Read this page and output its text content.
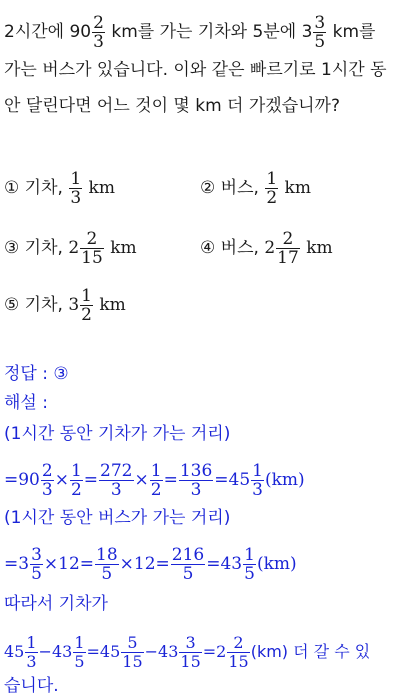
2시간에 $90 \frac{2}{3}$ km를 가는 기차와 5분에 $3 \frac{3}{5}$ km를
가는 버스가 있습니다. 이와 같은 빠르기로 1시간 동
안 달린다면 어느 것이 몇 km 더 가겠습니까?
① 기차, $\frac{1}{3}$ km	② 버스, $\frac{1}{2}$ km
③ 기차, $2 \frac{2}{15}$ km	④ 버스, $2 \frac{2}{17}$ km
⑤ 기차, $3 \frac{1}{2}$ km
정답 : ③
해설 :
(1시간 동안 기차가 가는 거리)
$=90 \frac{2}{3} \times \frac{1}{2} = \frac{272}{3} \times \frac{1}{2} = \frac{136}{3} =45 \frac{1}{3} (km)$
(1시간 동안 버스가 가는 거리)
$=3 \frac{3}{5} \times 12= \frac{18}{5} \times 12= \frac{216}{5} =43 \frac{1}{5} (km)$
따라서 기차가
$45 \frac{1}{3} -43 \frac{1}{5} =45 \frac{5}{15} -43 \frac{3}{15} =2 \frac{2}{15} (km)$ 더 갈 수 있
습니다.
